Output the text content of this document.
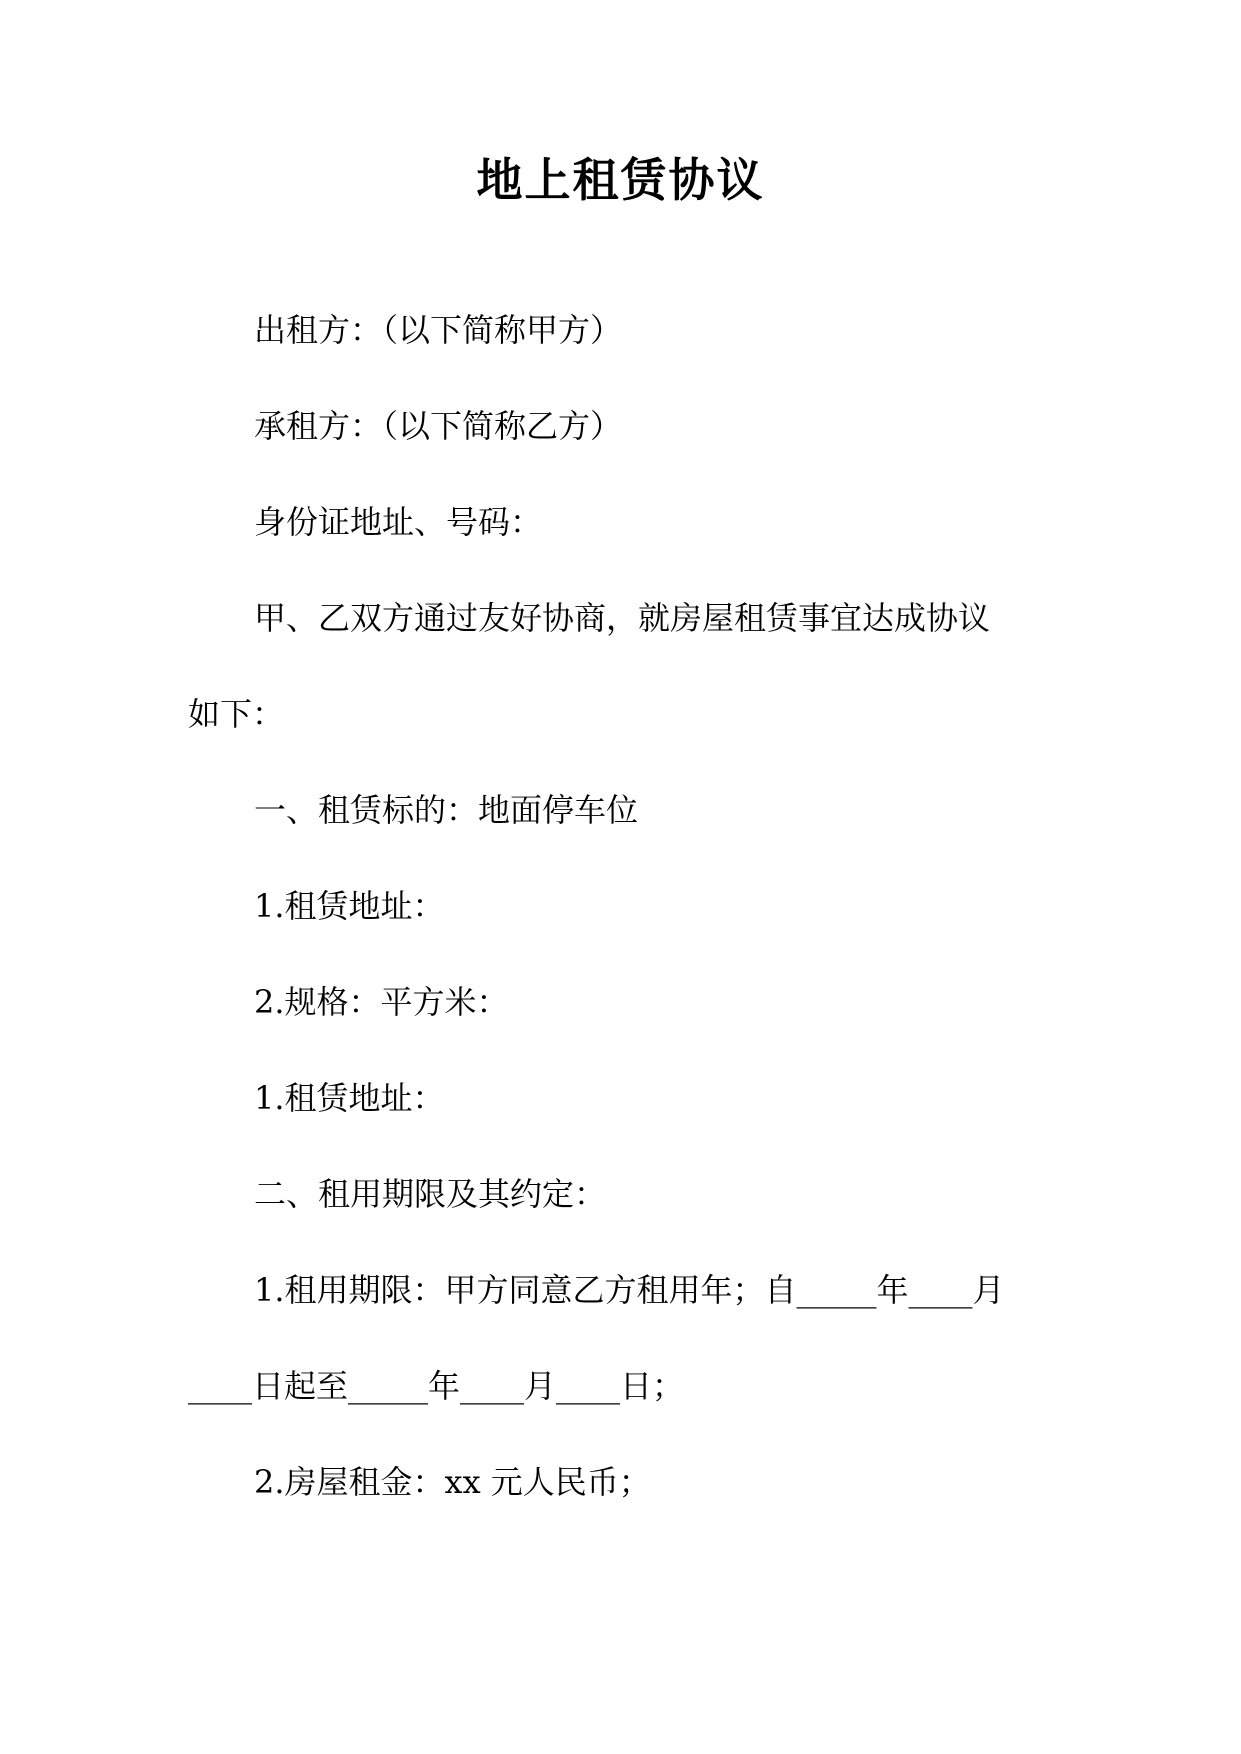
地上租赁协议
出租方：（以下简称甲方）
承租方：（以下简称乙方）
身份证地址、号码：
甲、乙双方通过友好协商，就房屋租赁事宜达成协议
如下：
一、租赁标的：地面停车位
1.租赁地址：
2.规格：平方米：
1.租赁地址：
二、租用期限及其约定：
1.租用期限：甲方同意乙方租用年；自_____年____月
____日起至_____年____月____日；
2.房屋租金：xx 元人民币；
